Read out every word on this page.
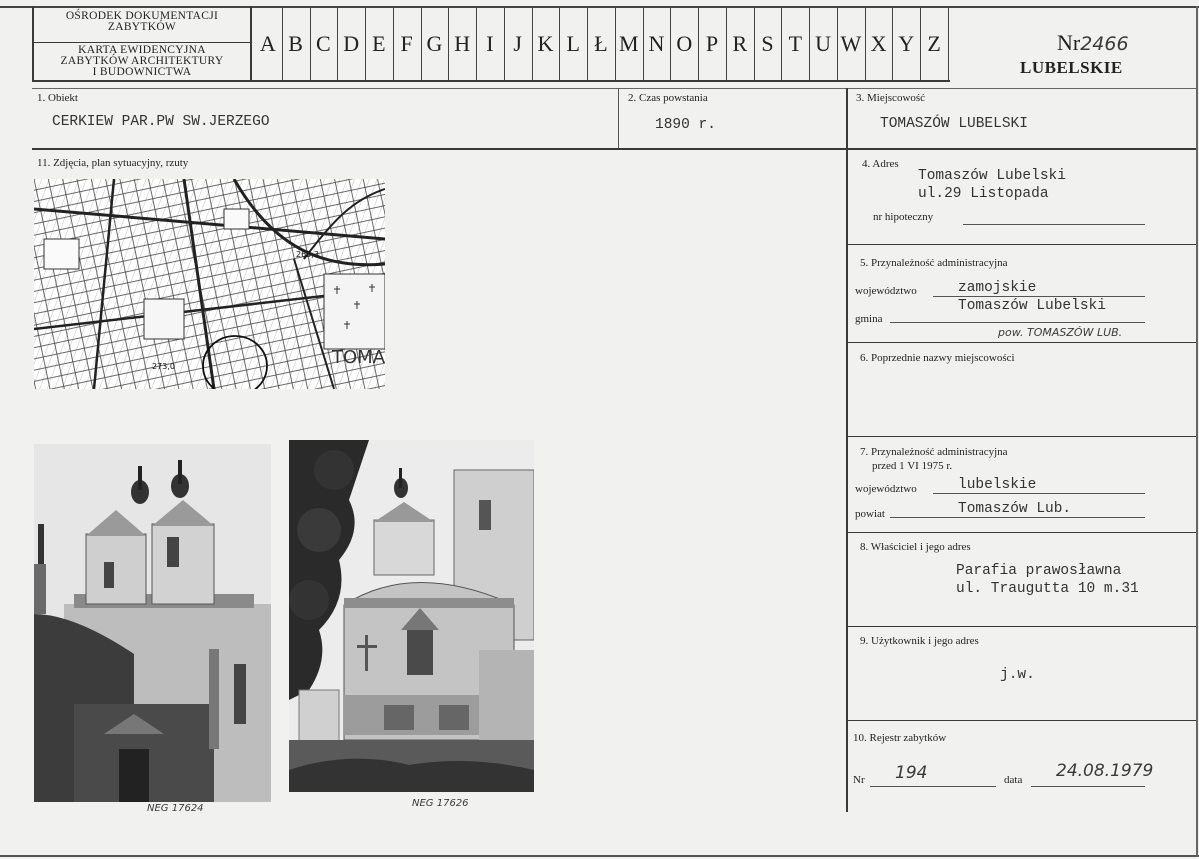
OŚRODEK DOKUMENTACJI
ZABYTKÓW
KARTA EWIDENCYJNA
ZABYTKÓW ARCHITEKTURY
I BUDOWNICTWA
A B C D E F G H I J K L Ł M N O P R S T U W X Y Z	Nr2466
LUBELSKIE
1. Obiekt
CERKIEW PAR.PW SW.JERZEGO
2. Czas powstania
1890 r.
3. Miejscowość
TOMASZÓW LUBELSKI
11. Zdjęcia, plan sytuacyjny, rzuty
265,3
273,0	TOMA
NEG 17624	NEG 17626
4. Adres
Tomaszów Lubelski
ul.29 Listopada
nr hipoteczny
5. Przynależność administracyjna
województwo	zamojskie
Tomaszów Lubelski
gmina
pow. TOMASZÓW LUB.
6. Poprzednie nazwy miejscowości
7. Przynależność administracyjna
przed 1 VI 1975 r.
województwo	lubelskie
powiat	Tomaszów Lub.
8. Właściciel i jego adres
Parafia prawosławna
ul. Traugutta 10 m.31
9. Użytkownik i jego adres
j.w.
10. Rejestr zabytków
Nr 194	data 24.08.1979
